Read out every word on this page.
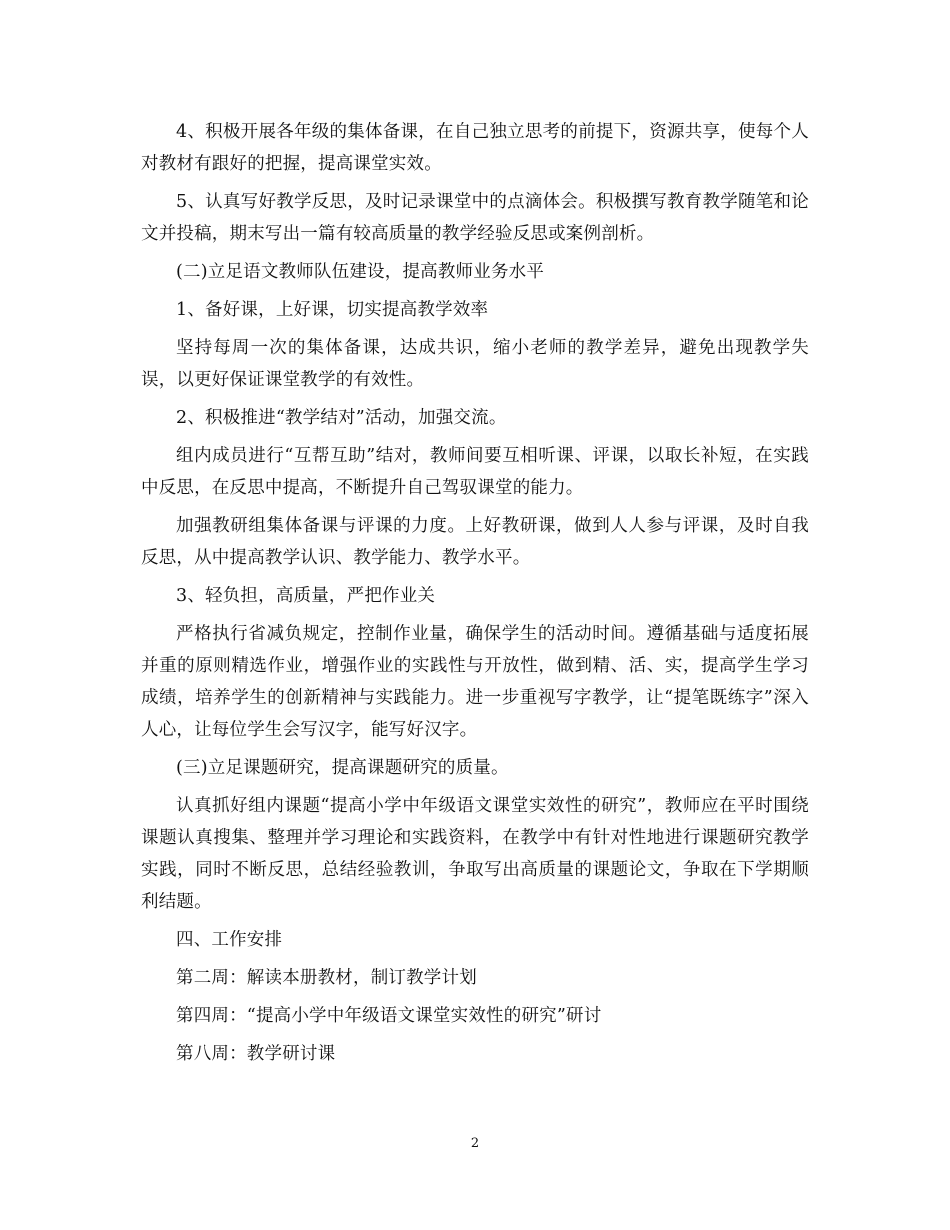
4、积极开展各年级的集体备课，在自己独立思考的前提下，资源共享，使每个人对教材有跟好的把握，提高课堂实效。

5、认真写好教学反思，及时记录课堂中的点滴体会。积极撰写教育教学随笔和论文并投稿，期末写出一篇有较高质量的教学经验反思或案例剖析。

(二)立足语文教师队伍建设，提高教师业务水平

1、备好课，上好课，切实提高教学效率

坚持每周一次的集体备课，达成共识，缩小老师的教学差异，避免出现教学失误，以更好保证课堂教学的有效性。

2、积极推进“教学结对”活动，加强交流。

组内成员进行“互帮互助”结对，教师间要互相听课、评课，以取长补短，在实践中反思，在反思中提高，不断提升自己驾驭课堂的能力。

加强教研组集体备课与评课的力度。上好教研课，做到人人参与评课，及时自我反思，从中提高教学认识、教学能力、教学水平。

3、轻负担，高质量，严把作业关

严格执行省减负规定，控制作业量，确保学生的活动时间。遵循基础与适度拓展并重的原则精选作业，增强作业的实践性与开放性，做到精、活、实，提高学生学习成绩，培养学生的创新精神与实践能力。进一步重视写字教学，让“提笔既练字”深入人心，让每位学生会写汉字，能写好汉字。

(三)立足课题研究，提高课题研究的质量。

认真抓好组内课题“提高小学中年级语文课堂实效性的研究”，教师应在平时围绕课题认真搜集、整理并学习理论和实践资料，在教学中有针对性地进行课题研究教学实践，同时不断反思，总结经验教训，争取写出高质量的课题论文，争取在下学期顺利结题。

四、工作安排

第二周：解读本册教材，制订教学计划

第四周：“提高小学中年级语文课堂实效性的研究”研讨

第八周：教学研讨课

2
